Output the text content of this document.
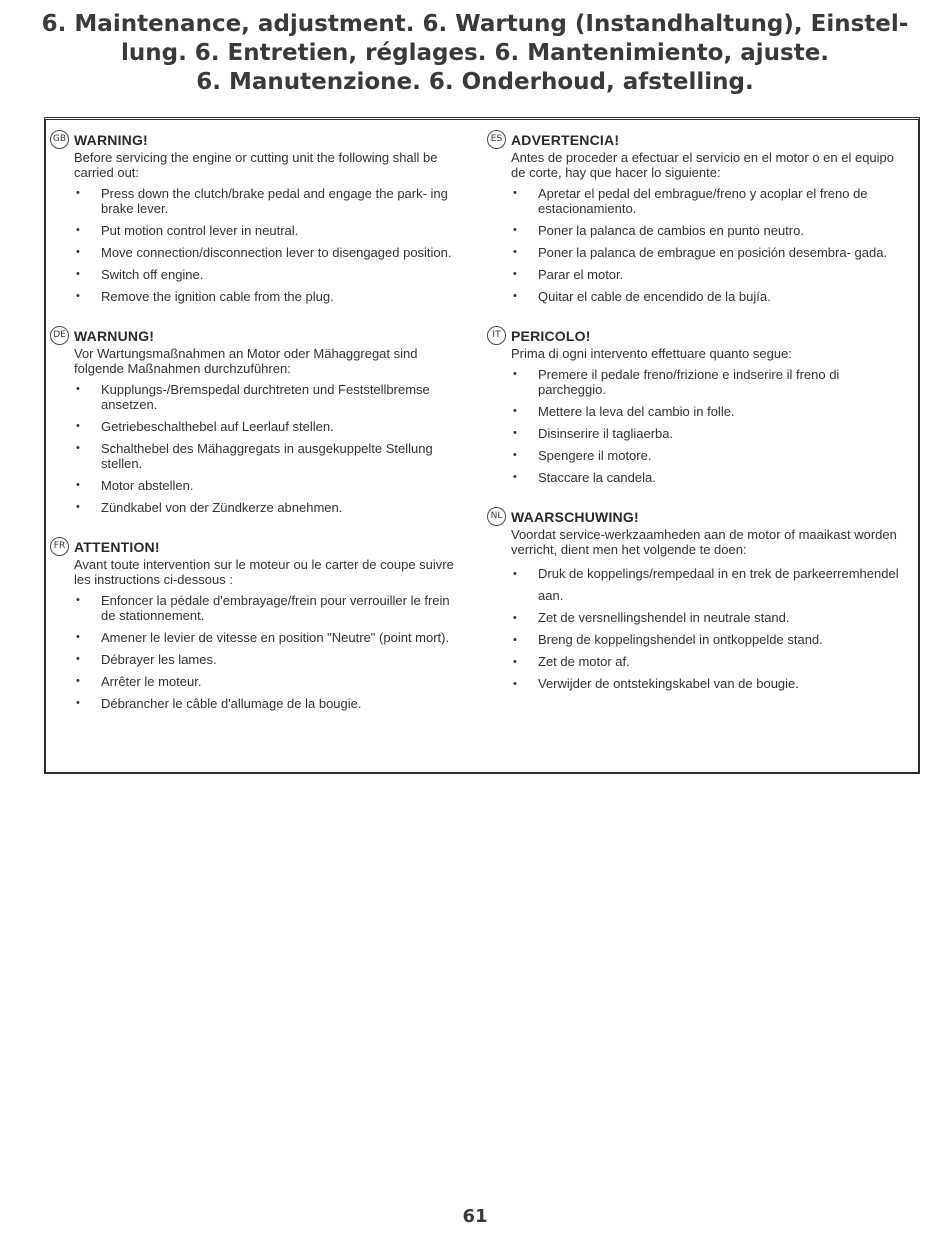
6. Maintenance, adjustment. 6. Wartung (Instandhaltung), Einstel-
lung. 6. Entretien, réglages. 6. Mantenimiento, ajuste.
6. Manutenzione. 6. Onderhoud, afstelling.
GB WARNING!

Before servicing the engine or cutting unit the following shall be carried out:

• Press down the clutch/brake pedal and engage the park- ing brake lever.
• Put motion control lever in neutral.
• Move connection/disconnection lever to disengaged position.
• Switch off engine.
• Remove the ignition cable from the plug.
DE WARNUNG!

Vor Wartungsmaßnahmen an Motor oder Mähaggregat sind folgende Maßnahmen durchzuführen:

• Kupplungs-/Bremspedal durchtreten und Feststellbremse ansetzen.
• Getriebeschalthebel auf Leerlauf stellen.
• Schalthebel des Mähaggregats in ausgekuppelte Stellung stellen.
• Motor abstellen.
• Zündkabel von der Zündkerze abnehmen.
FR ATTENTION!

Avant toute intervention sur le moteur ou le carter de coupe suivre les instructions ci-dessous :

• Enfoncer la pédale d'embrayage/frein pour verrouiller le frein de stationnement.
• Amener le levier de vitesse en position "Neutre" (point mort).
• Débrayer les lames.
• Arrêter le moteur.
• Débrancher le câble d'allumage de la bougie.
ES ADVERTENCIA!

Antes de proceder a efectuar el servicio en el motor o en el equipo de corte, hay que hacer lo siguiente:

• Apretar el pedal del embrague/freno y acoplar el freno de estacionamiento.
• Poner la palanca de cambios en punto neutro.
• Poner la palanca de embrague en posición desembra- gada.
• Parar el motor.
• Quitar el cable de encendido de la bujía.
IT PERICOLO!

Prima di ogni intervento effettuare quanto segue:

• Premere il pedale freno/frizione e indserire il freno di parcheggio.
• Mettere la leva del cambio in folle.
• Disinserire il tagliaerba.
• Spengere il motore.
• Staccare la candela.
NL WAARSCHUWING!

Voordat service-werkzaamheden aan de motor of maaikast worden verricht, dient men het volgende te doen:

• Druk de koppelings/rempedaal in en trek de parkeerremhendel aan.
• Zet de versnellingshendel in neutrale stand.
• Breng de koppelingshendel in ontkoppelde stand.
• Zet de motor af.
• Verwijder de ontstekingskabel van de bougie.
61
